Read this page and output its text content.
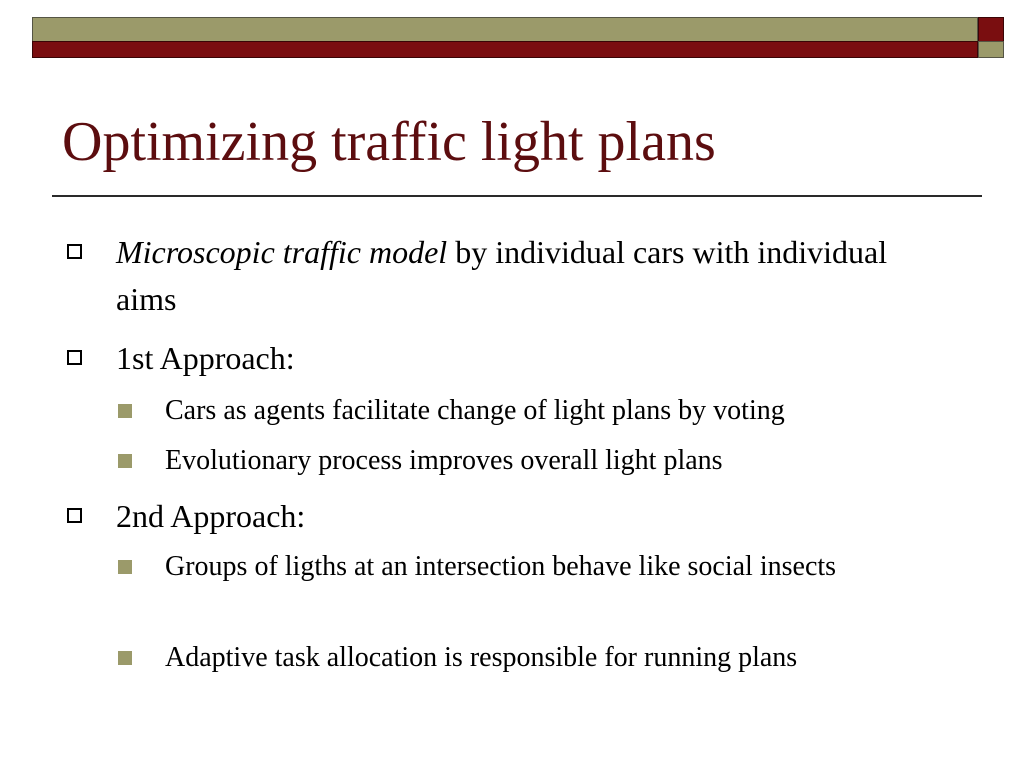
Optimizing traffic light plans
Microscopic traffic model by individual cars with individual aims
1st Approach:
Cars as agents facilitate change of light plans by voting
Evolutionary process improves overall light plans
2nd Approach:
Groups of ligths at an intersection behave like social insects
Adaptive task allocation is responsible for running plans
